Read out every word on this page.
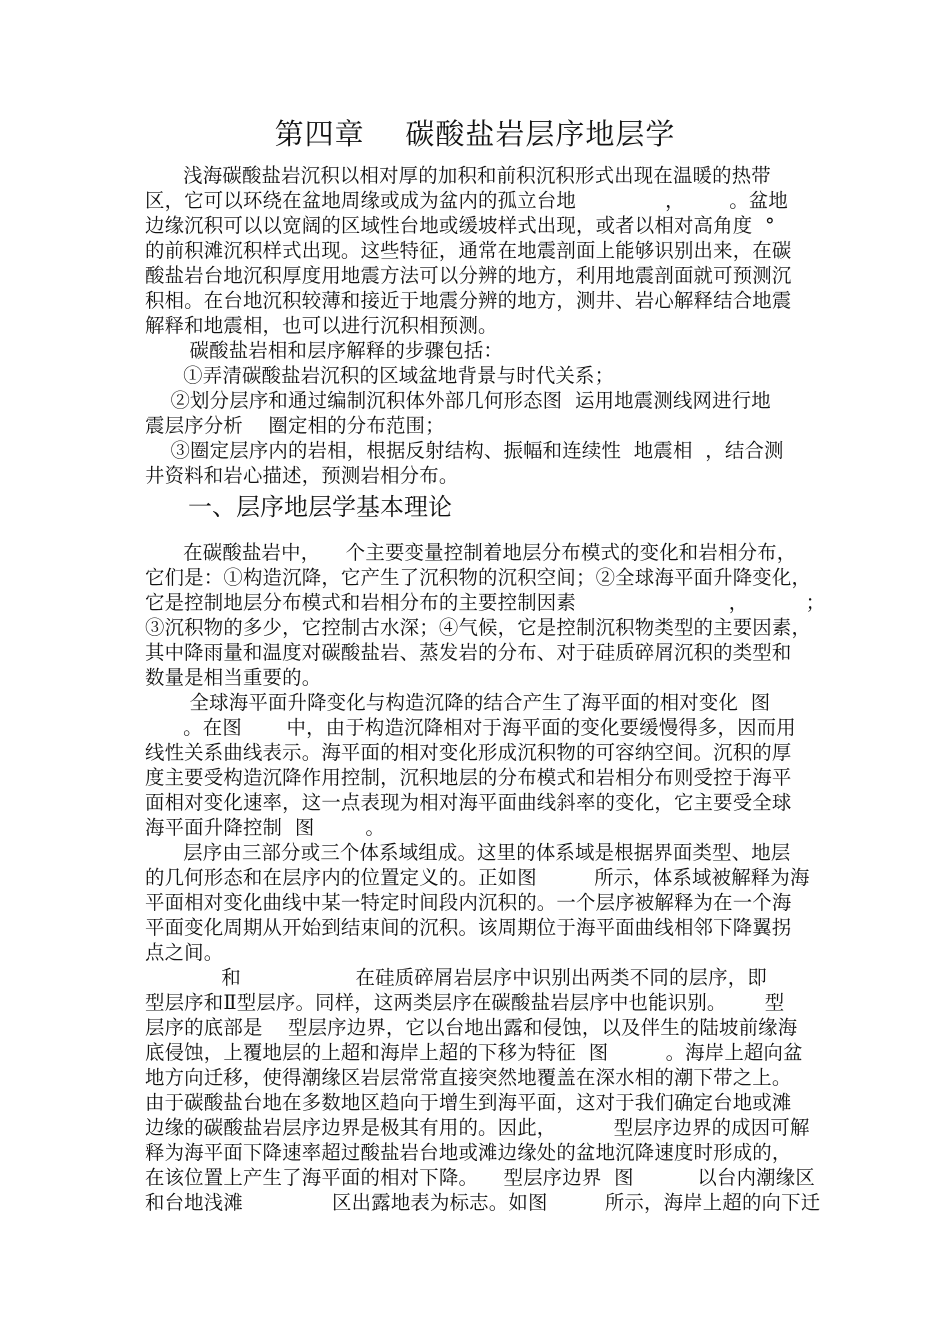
第四章    碳酸盐岩层序地层学
浅海碳酸盐岩沉积以相对厚的加积和前积沉积形式出现在温暖的热带
区，它可以环绕在盆地周缘或成为盆内的孤立台地              ，       。盆地
边缘沉积可以以宽阔的区域性台地或缓坡样式出现，或者以相对高角度  °
的前积滩沉积样式出现。这些特征，通常在地震剖面上能够识别出来，在碳
酸盐岩台地沉积厚度用地震方法可以分辨的地方，利用地震剖面就可预测沉
积相。在台地沉积较薄和接近于地震分辨的地方，测井、岩心解释结合地震
解释和地震相，也可以进行沉积相预测。
碳酸盐岩相和层序解释的步骤包括：
①弄清碳酸盐岩沉积的区域盆地背景与时代关系；
②划分层序和通过编制沉积体外部几何形态图  运用地震测线网进行地
震层序分析    圈定相的分布范围；
③圈定层序内的岩相，根据反射结构、振幅和连续性  地震相  ，结合测
井资料和岩心描述，预测岩相分布。
一、层序地层学基本理论
在碳酸盐岩中，    个主要变量控制着地层分布模式的变化和岩相分布，
它们是：①构造沉降，它产生了沉积物的沉积空间；②全球海平面升降变化，
它是控制地层分布模式和岩相分布的主要控制因素                        ，         ；
③沉积物的多少，它控制古水深；④气候，它是控制沉积物类型的主要因素，
其中降雨量和温度对碳酸盐岩、蒸发岩的分布、对于硅质碎屑沉积的类型和
数量是相当重要的。
全球海平面升降变化与构造沉降的结合产生了海平面的相对变化  图
。在图       中，由于构造沉降相对于海平面的变化要缓慢得多，因而用
线性关系曲线表示。海平面的相对变化形成沉积物的可容纳空间。沉积的厚
度主要受构造沉降作用控制，沉积地层的分布模式和岩相分布则受控于海平
面相对变化速率，这一点表现为相对海平面曲线斜率的变化，它主要受全球
海平面升降控制  图        。
层序由三部分或三个体系域组成。这里的体系域是根据界面类型、地层
的几何形态和在层序内的位置定义的。正如图         所示，体系域被解释为海
平面相对变化曲线中某一特定时间段内沉积的。一个层序被解释为在一个海
平面变化周期从开始到结束间的沉积。该周期位于海平面曲线相邻下降翼拐
点之间。
和                  在硅质碎屑岩层序中识别出两类不同的层序，即
型层序和Ⅱ型层序。同样，这两类层序在碳酸盐岩层序中也能识别。      型
层序的底部是    型层序边界，它以台地出露和侵蚀，以及伴生的陆坡前缘海
底侵蚀，上覆地层的上超和海岸上超的下移为特征  图         。海岸上超向盆
地方向迁移，使得潮缘区岩层常常直接突然地覆盖在深水相的潮下带之上。
由于碳酸盐台地在多数地区趋向于增生到海平面，这对于我们确定台地或滩
边缘的碳酸盐岩层序边界是极其有用的。因此，         型层序边界的成因可解
释为海平面下降速率超过酸盐岩台地或滩边缘处的盆地沉降速度时形成的，
在该位置上产生了海平面的相对下降。    型层序边界  图          以台内潮缘区
和台地浅滩              区出露地表为标志。如图         所示，海岸上超的向下迁
